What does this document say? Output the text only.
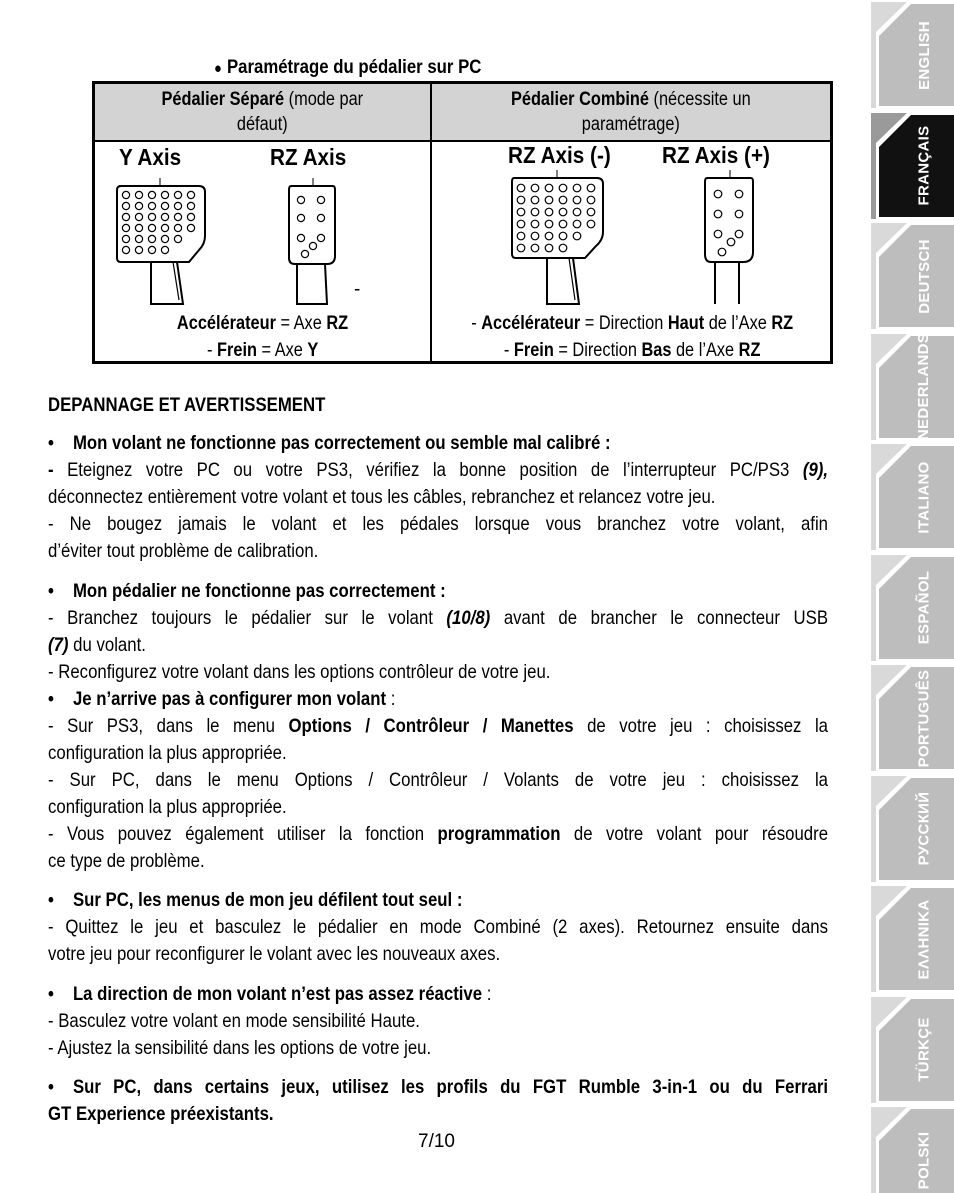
● Paramétrage du pédalier sur PC
Pédalier Séparé (mode par
défaut)
Pédalier Combiné (nécessite un
paramétrage)
Y Axis	RZ Axis	RZ Axis (-) RZ Axis (+)
-
Accélérateur = Axe RZ
- Frein = Axe Y
- Accélérateur = Direction Haut de l’Axe RZ
- Frein = Direction Bas de l’Axe RZ
DEPANNAGE ET AVERTISSEMENT
• Mon volant ne fonctionne pas correctement ou semble mal calibré :
- Eteignez votre PC ou votre PS3, vérifiez la bonne position de l’interrupteur PC/PS3 (9),
déconnectez entièrement votre volant et tous les câbles, rebranchez et relancez votre jeu.
- Ne bougez jamais le volant et les pédales lorsque vous branchez votre volant, afin
d’éviter tout problème de calibration.
• Mon pédalier ne fonctionne pas correctement :
- Branchez toujours le pédalier sur le volant (10/8) avant de brancher le connecteur USB
(7) du volant.
- Reconfigurez votre volant dans les options contrôleur de votre jeu.
• Je n’arrive pas à configurer mon volant :
- Sur PS3, dans le menu Options / Contrôleur / Manettes de votre jeu : choisissez la
configuration la plus appropriée.
- Sur PC, dans le menu Options / Contrôleur / Volants de votre jeu : choisissez la
configuration la plus appropriée.
- Vous pouvez également utiliser la fonction programmation de votre volant pour résoudre
ce type de problème.
• Sur PC, les menus de mon jeu défilent tout seul :
- Quittez le jeu et basculez le pédalier en mode Combiné (2 axes). Retournez ensuite dans
votre jeu pour reconfigurer le volant avec les nouveaux axes.
• La direction de mon volant n’est pas assez réactive :
- Basculez votre volant en mode sensibilité Haute.
- Ajustez la sensibilité dans les options de votre jeu.
• Sur PC, dans certains jeux, utilisez les profils du FGT Rumble 3-in-1 ou du Ferrari
GT Experience préexistants.
7/10
ENGLISH
FRANÇAIS
DEUTSCH
NEDERLANDS
ITALIANO
ESPAÑOL
PORTUGUÊS
РУССКИЙ
ΕΛΛΗΝΙΚΑ
TÜRKÇE
POLSKI
